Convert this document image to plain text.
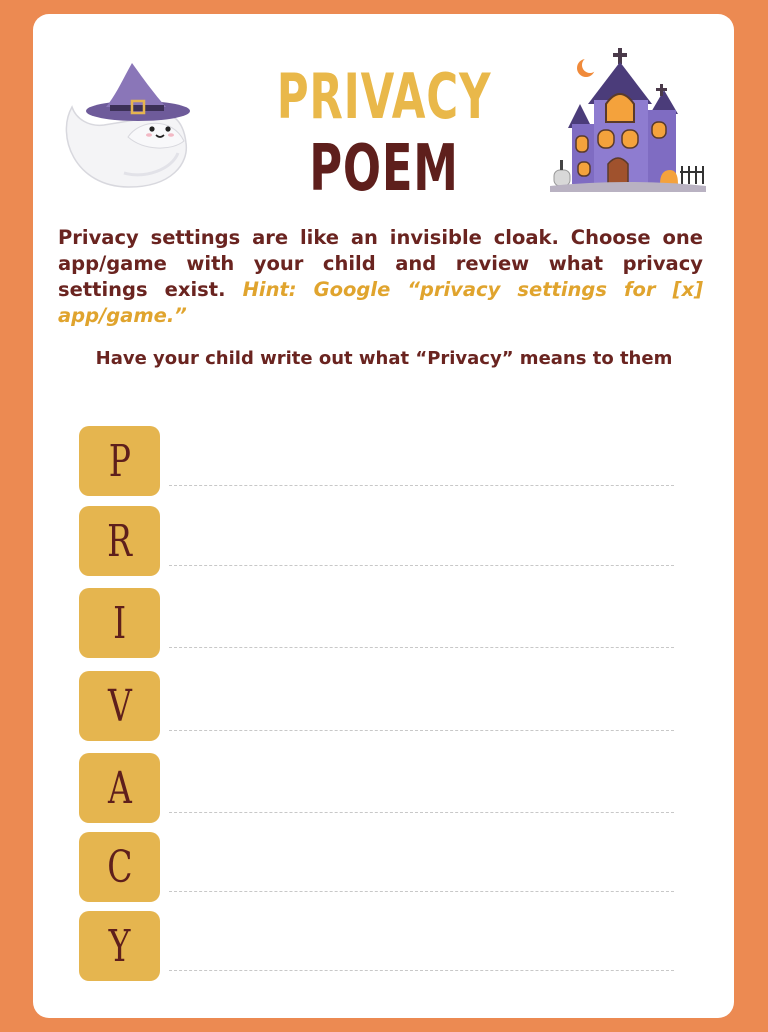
PRIVACY
POEM
Privacy settings are like an invisible cloak. Choose one app/game with your child and review what privacy settings exist. Hint: Google “privacy settings for [x] app/game.”
Have your child write out what “Privacy” means to them
P
R
I
V
A
C
Y
